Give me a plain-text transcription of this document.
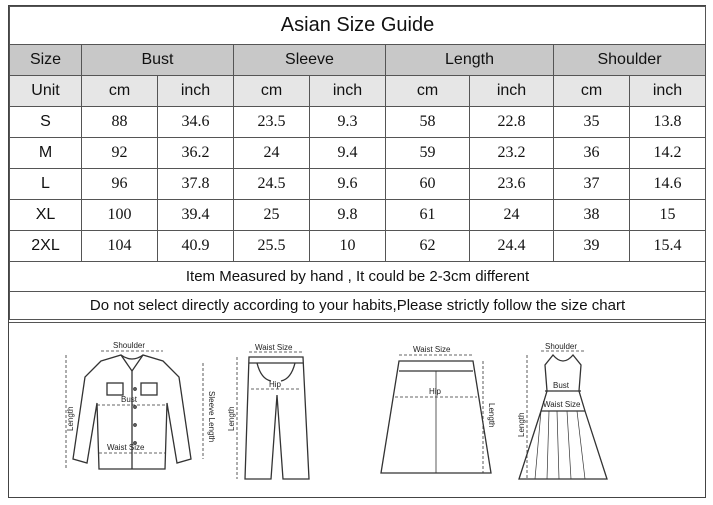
Asian Size Guide								
Size	Bust		Sleeve		Length		Shoulder	
Unit	cm	inch	cm	inch	cm	inch	cm	inch
S	88	34.6	23.5	9.3	58	22.8	35	13.8
M	92	36.2	24	9.4	59	23.2	36	14.2
L	96	37.8	24.5	9.6	60	23.6	37	14.6
XL	100	39.4	25	9.8	61	24	38	15
2XL	104	40.9	25.5	10	62	24.4	39	15.4
Item Measured by hand , It could be 2-3cm different								
Do not select directly according to your habits,Please strictly follow the size chart								
Shoulder
Bust
Waist Size
Length	Sleeve Length
Waist Size
Hip
Length
Waist Size
Hip
Length
Shoulder
Bust
Waist Size
Length
